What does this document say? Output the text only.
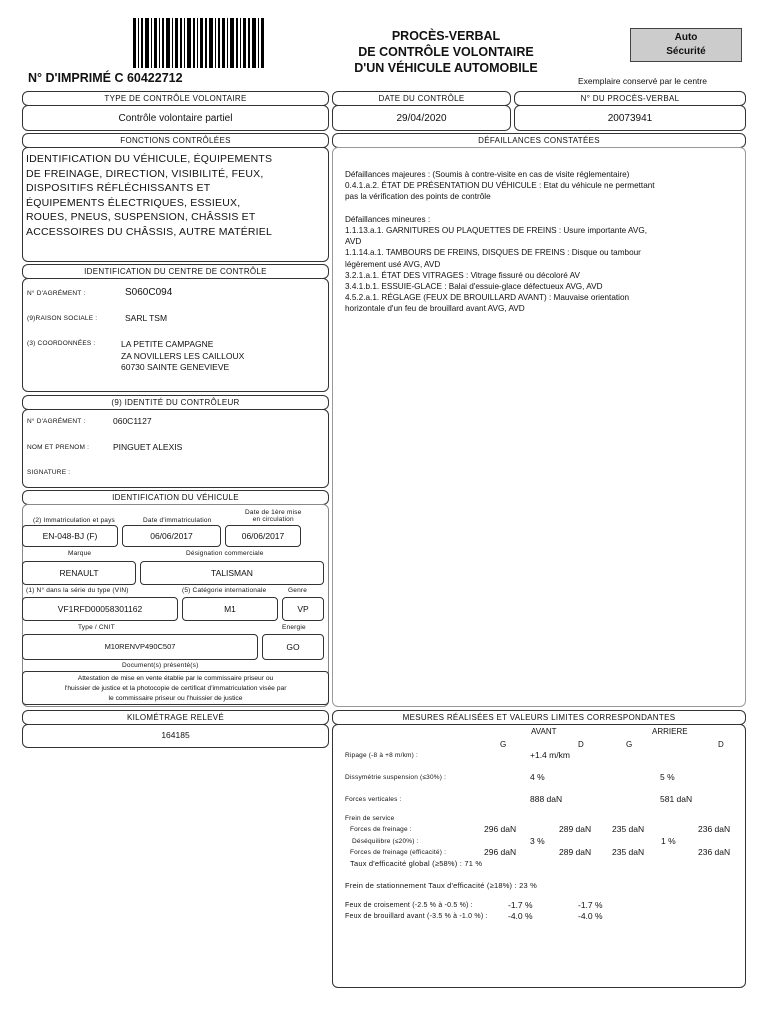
N° D'IMPRIMÉ C 60422712
PROCÈS-VERBAL
DE CONTRÔLE VOLONTAIRE
D'UN VÉHICULE AUTOMOBILE
Auto
Sécurité
Exemplaire conservé par le centre
TYPE DE CONTRÔLE VOLONTAIRE
Contrôle volontaire partiel
DATE DU CONTRÔLE
29/04/2020
N° DU PROCÈS-VERBAL
20073941
FONCTIONS CONTRÔLÉES
IDENTIFICATION DU VÉHICULE, ÉQUIPEMENTS
DE FREINAGE, DIRECTION, VISIBILITÉ, FEUX,
DISPOSITIFS RÉFLÉCHISSANTS ET
ÉQUIPEMENTS ÉLECTRIQUES, ESSIEUX,
ROUES, PNEUS, SUSPENSION, CHÂSSIS ET
ACCESSOIRES DU CHÂSSIS, AUTRE MATÉRIEL
DÉFAILLANCES CONSTATÉES
Défaillances majeures : (Soumis à contre-visite en cas de visite réglementaire)
0.4.1.a.2. ÉTAT DE PRÉSENTATION DU VÉHICULE : Etat du véhicule ne permettant
pas la vérification des points de contrôle

Défaillances mineures :
1.1.13.a.1. GARNITURES OU PLAQUETTES DE FREINS : Usure importante AVG,
AVD
1.1.14.a.1. TAMBOURS DE FREINS, DISQUES DE FREINS : Disque ou tambour
légèrement usé AVG, AVD
3.2.1.a.1. ÉTAT DES VITRAGES : Vitrage fissuré ou décoloré AV
3.4.1.b.1. ESSUIE-GLACE : Balai d'essuie-glace défectueux AVG, AVD
4.5.2.a.1. RÉGLAGE (FEUX DE BROUILLARD AVANT) : Mauvaise orientation
horizontale d'un feu de brouillard avant AVG, AVD
IDENTIFICATION DU CENTRE DE CONTRÔLE
N° D'AGRÉMENT :	S060C094
(9)RAISON SOCIALE :	SARL TSM
(3) COORDONNÉES :	LA PETITE CAMPAGNE
ZA NOVILLERS LES CAILLOUX
60730 SAINTE GENEVIEVE
(9) IDENTITÉ DU CONTRÔLEUR
N° D'AGRÉMENT :	060C1127
NOM ET PRENOM :	PINGUET ALEXIS
SIGNATURE :
IDENTIFICATION DU VÉHICULE
(2) Immatriculation et pays	Date d'immatriculation
Date de 1ère mise
en circulation
EN-048-BJ (F)	06/06/2017	06/06/2017
Marque	Désignation commerciale
RENAULT	TALISMAN
(1) N° dans la série du type (VIN)	(5) Catégorie internationale	Genre
VF1RFD00058301162	M1	VP
Type / CNIT	Energie
M10RENVP490C507	GO
Document(s) présenté(s)
Attestation de mise en vente établie par le commissaire priseur ou
l'huissier de justice et la photocopie de certificat d'immatriculation visée par
le commissaire priseur ou l'huissier de justice
KILOMÉTRAGE RELEVÉ
164185
MESURES RÉALISÉES ET VALEURS LIMITES CORRESPONDANTES
AVANT	ARRIERE
G	D	G	D
Ripage (-8 à +8 m/km) :	+1.4 m/km
Dissymétrie suspension (≤30%) :	4 %	5 %
Forces verticales :	888 daN	581 daN
Frein de service
Forces de freinage :	296 daN	289 daN 235 daN	236 daN
Déséquilibre (≤20%) :	3 %	1 %
Forces de freinage (efficacité) :	296 daN	289 daN 235 daN	236 daN
Taux d'efficacité global (≥58%) : 71 %
Frein de stationnement Taux d'efficacité (≥18%) : 23 %
Feux de croisement (-2.5 % à -0.5 %) :	-1.7 %	-1.7 %
Feux de brouillard avant (-3.5 % à -1.0 %) : -4.0 %	-4.0 %
